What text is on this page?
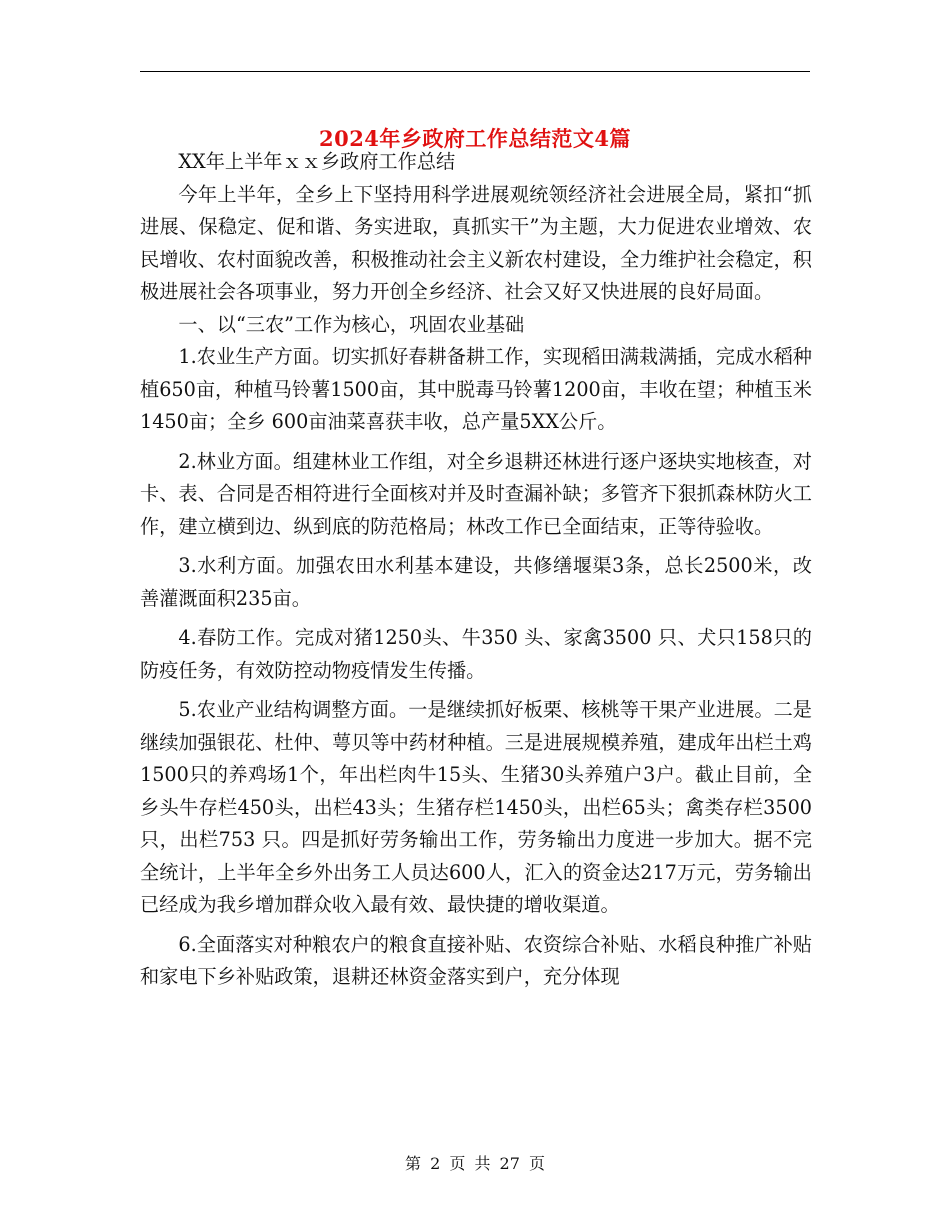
2024年乡政府工作总结范文4篇

XX年上半年ｘｘ乡政府工作总结

今年上半年，全乡上下坚持用科学进展观统领经济社会进展全局，紧扣“抓进展、保稳定、促和谐、务实进取，真抓实干”为主题，大力促进农业增效、农民增收、农村面貌改善，积极推动社会主义新农村建设，全力维护社会稳定，积极进展社会各项事业，努力开创全乡经济、社会又好又快进展的良好局面。

一、以“三农”工作为核心，巩固农业基础

1.农业生产方面。切实抓好春耕备耕工作，实现稻田满栽满插，完成水稻种植650亩，种植马铃薯1500亩，其中脱毒马铃薯1200亩，丰收在望；种植玉米1450亩；全乡 600亩油菜喜获丰收，总产量5XX公斤。

2.林业方面。组建林业工作组，对全乡退耕还林进行逐户逐块实地核查，对卡、表、合同是否相符进行全面核对并及时查漏补缺；多管齐下狠抓森林防火工作，建立横到边、纵到底的防范格局；林改工作已全面结束，正等待验收。

3.水利方面。加强农田水利基本建设，共修缮堰渠3条，总长2500米，改善灌溉面积235亩。

4.春防工作。完成对猪1250头、牛350 头、家禽3500 只、犬只158只的防疫任务，有效防控动物疫情发生传播。

5.农业产业结构调整方面。一是继续抓好板栗、核桃等干果产业进展。二是继续加强银花、杜仲、萼贝等中药材种植。三是进展规模养殖，建成年出栏土鸡 1500只的养鸡场1个，年出栏肉牛15头、生猪30头养殖户3户。截止目前，全乡头牛存栏450头，出栏43头；生猪存栏1450头，出栏65头；禽类存栏3500只，出栏753 只。四是抓好劳务输出工作，劳务输出力度进一步加大。据不完全统计，上半年全乡外出务工人员达600人，汇入的资金达217万元，劳务输出已经成为我乡增加群众收入最有效、最快捷的增收渠道。

6.全面落实对种粮农户的粮食直接补贴、农资综合补贴、水稻良种推广补贴和家电下乡补贴政策，退耕还林资金落实到户，充分体现

第 2 页 共 27 页
